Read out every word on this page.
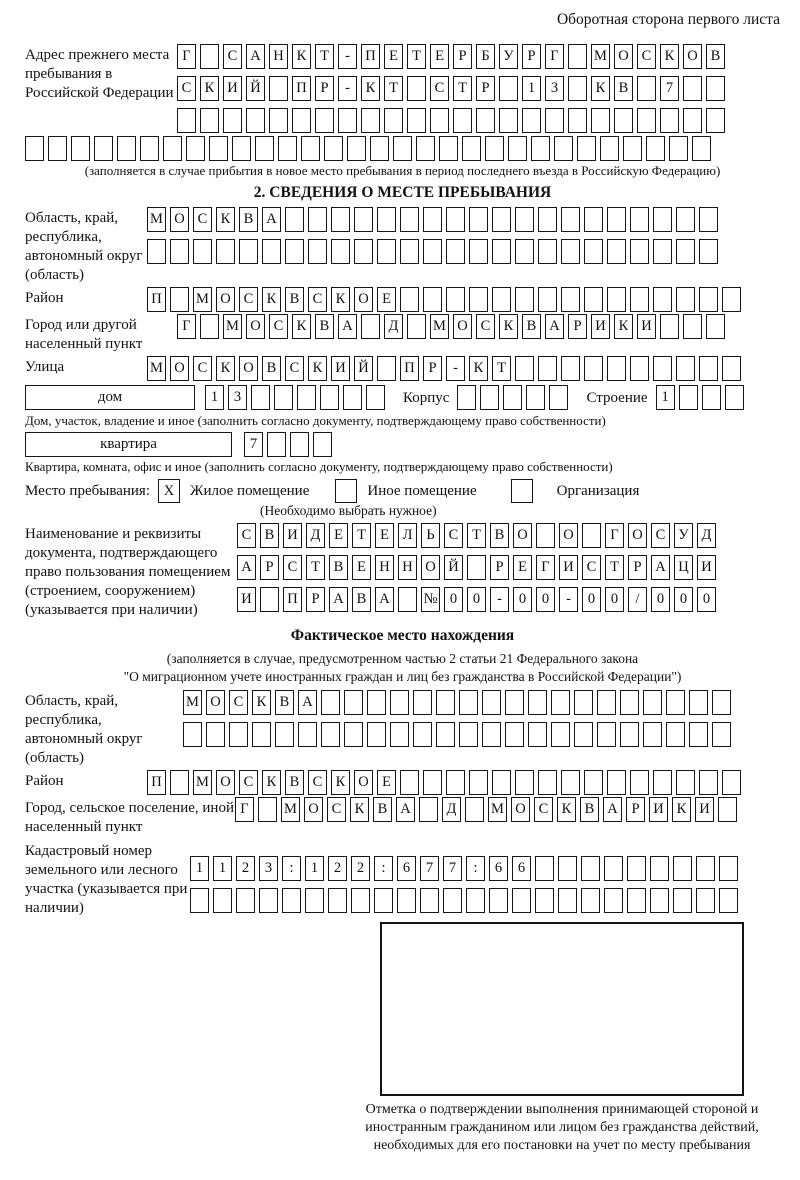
Оборотная сторона первого листа
Адрес прежнего места пребывания в Российской Федерации
Г	С А Н К Т	-	П Е Т Е	Р	Б У Р	Г	М О С К О В
С К И Й П Р	-	К Т	С Т	Р	1	3	К В	7
(заполняется в случае прибытия в новое место пребывания в период последнего въезда в Российскую Федерацию)
2. СВЕДЕНИЯ О МЕСТЕ ПРЕБЫВАНИЯ
Область, край, республика, автономный округ (область)
М О С К В А
Район	П М О С К В С К О Е
Город или другой населенный пункт
Г	М О С К В А	Д	М О С К В А Р И К И
Улица	М О С К О В С К И Й П Р	-	К Т
дом	1	3	Корпус	Строение 1
Дом, участок, владение и иное (заполнить согласно документу, подтверждающему право собственности)
квартира	7
Квартира, комната, офис и иное (заполнить согласно документу, подтверждающему право собственности)
Место пребывания: X Жилое помещение	Иное помещение	Организация
(Необходимо выбрать нужное)
Наименование и реквизиты документа, подтверждающего право пользования помещением (строением, сооружением) (указывается при наличии)
С В И Д Е Т Е Л Ь С Т В О О	Г О С У Д
А Р С Т В Е Н Н О Й	Р	Е Г И С Т	Р А Ц И
И П Р А В А № 0	0	-	0	0	-	0	0	/	0	0	0
Фактическое место нахождения
(заполняется в случае, предусмотренном частью 2 статьи 21 Федерального закона
"О миграционном учете иностранных граждан и лиц без гражданства в Российской Федерации")
Область, край, республика, автономный округ (область)
М О С К В А
Район	П М О С К В С К О Е
Город, сельское поселение, иной населенный пункт
Г	М О С К В А	Д	М О С К В А Р И К И
Кадастровый номер земельного или лесного участка (указывается при наличии)
1	1	2	3	:	1	2	2	:	6	7	7	:	6	6
Отметка о подтверждении выполнения принимающей стороной и иностранным гражданином или лицом без гражданства действий, необходимых для его постановки на учет по месту пребывания
